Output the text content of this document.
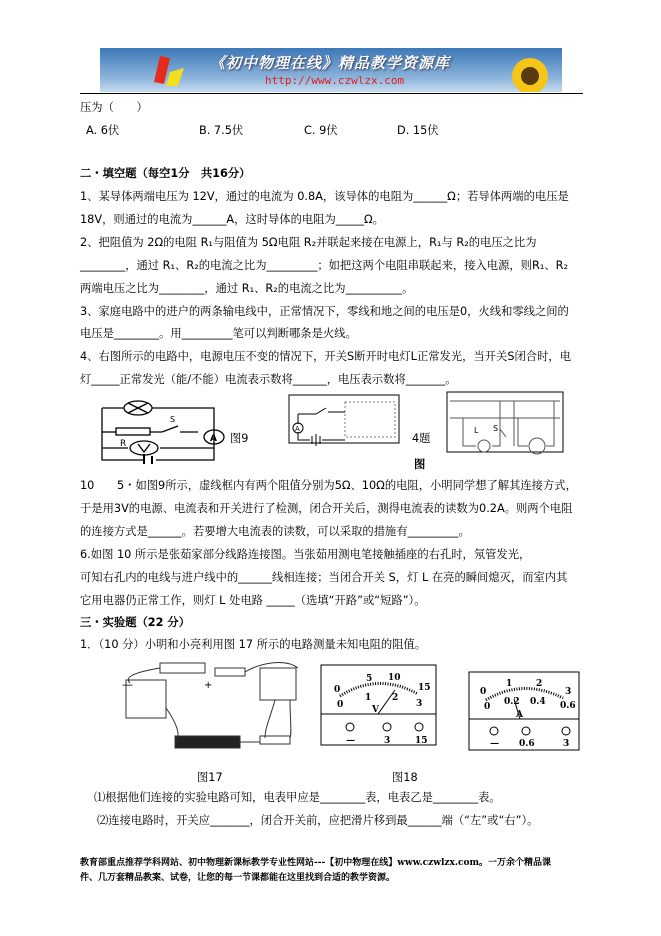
《初中物理在线》精品教学资源库
http://www.czwlzx.com
压为（　　）
A. 6伏	B. 7.5伏	C. 9伏	D. 15伏
二・填空题（每空1分　共16分）
1、某导体两端电压为 12V，通过的电流为 0.8A，该导体的电阻为______Ω；若导体两端的电压是
18V，则通过的电流为______A，这时导体的电阻为_____Ω。
2、把阻值为 2Ω的电阻 R₁与阻值为 5Ω电阻 R₂并联起来接在电源上，R₁与 R₂的电压之比为
________，通过 R₁、R₂的电流之比为_________；如把这两个电阻串联起来，接入电源，则R₁、R₂
两端电压之比为________，通过 R₁、R₂的电流之比为__________。
3、家庭电路中的进户的两条输电线中，正常情况下，零线和地之间的电压是0，火线和零线之间的
电压是________。用_________笔可以判断哪条是火线。
4、右图所示的电路中，电源电压不变的情况下，开关S断开时电灯L正常发光，当开关S闭合时，电
灯_____正常发光（能/不能）电流表示数将______，电压表示数将_______。
R
S
A 图9
A
4题
图
L S
10　　5・如图9所示，虚线框内有两个阻值分别为5Ω、10Ω的电阻，小明同学想了解其连接方式，
于是用3V的电源、电流表和开关进行了检测，闭合开关后，测得电流表的读数为0.2A。则两个电阻
的连接方式是______。若要增大电流表的读数，可以采取的措施有_________。
6.如图 10 所示是张茹家部分线路连接图。当张茹用测电笔接触插座的右孔时，氖管发光，
可知右孔内的电线与进户线中的______线相连接；当闭合开关 S，灯 L 在亮的瞬间熄灭，而室内其
它用电器仍正常工作，则灯 L 处电路 _____（选填“开路”或“短路”）。
三・实验题（22 分）
1．（10 分）小明和小亮利用图 17 所示的电路测量未知电阻的阻值。
—	+	0
5 10
15
0
1 2
3
V
—	3	15
0
1	2
3
0 0.2 0.4 0.6
A
— 0.6	3
图17	图18
⑴根据他们连接的实验电路可知，电表甲应是________表，电表乙是________表。
⑵连接电路时，开关应_______，闭合开关前，应把滑片移到最______端（“左”或“右”）。
教育部重点推荐学科网站、初中物理新课标教学专业性网站---【初中物理在线】www.czwlzx.com。一万余个精品课
件、几万套精品教案、试卷，让您的每一节课都能在这里找到合适的教学资源。
